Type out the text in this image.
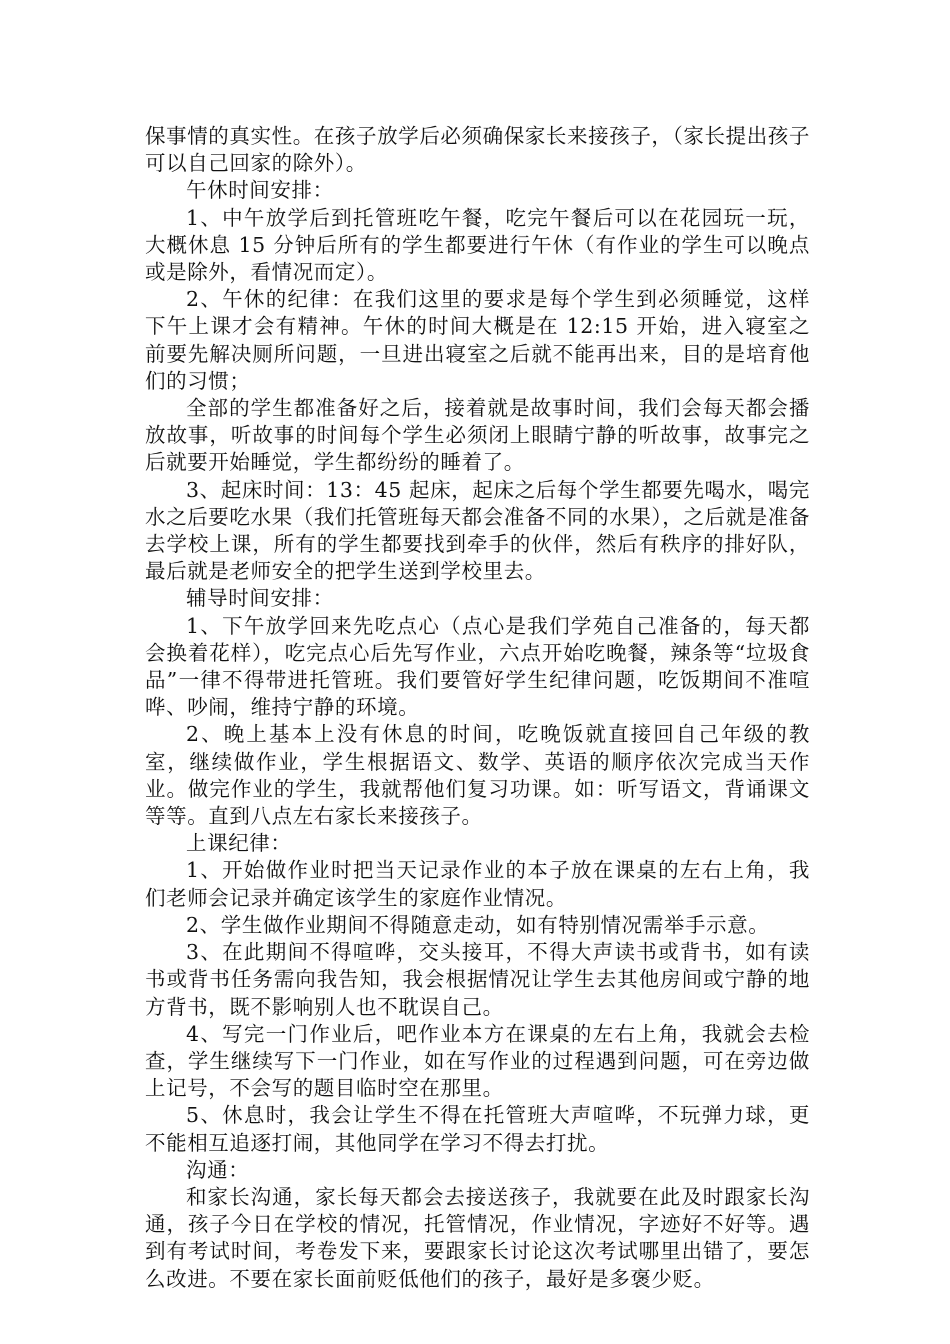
保事情的真实性。在孩子放学后必须确保家长来接孩子，（家长提出孩子可以自己回家的除外）。

午休时间安排：

1、中午放学后到托管班吃午餐，吃完午餐后可以在花园玩一玩，大概休息 15 分钟后所有的学生都要进行午休（有作业的学生可以晚点或是除外，看情况而定）。

2、午休的纪律：在我们这里的要求是每个学生到必须睡觉，这样下午上课才会有精神。午休的时间大概是在 12:15 开始，进入寝室之前要先解决厕所问题，一旦进出寝室之后就不能再出来，目的是培育他们的习惯；

全部的学生都准备好之后，接着就是故事时间，我们会每天都会播放故事，听故事的时间每个学生必须闭上眼睛宁静的听故事，故事完之后就要开始睡觉，学生都纷纷的睡着了。

3、起床时间：13：45 起床，起床之后每个学生都要先喝水，喝完水之后要吃水果（我们托管班每天都会准备不同的水果），之后就是准备去学校上课，所有的学生都要找到牵手的伙伴，然后有秩序的排好队，最后就是老师安全的把学生送到学校里去。

辅导时间安排：

1、下午放学回来先吃点心（点心是我们学苑自己准备的，每天都会换着花样），吃完点心后先写作业，六点开始吃晚餐，辣条等“垃圾食品”一律不得带进托管班。我们要管好学生纪律问题，吃饭期间不准喧哗、吵闹，维持宁静的环境。

2、晚上基本上没有休息的时间，吃晚饭就直接回自己年级的教室，继续做作业，学生根据语文、数学、英语的顺序依次完成当天作业。做完作业的学生，我就帮他们复习功课。如：听写语文，背诵课文等等。直到八点左右家长来接孩子。

上课纪律：

1、开始做作业时把当天记录作业的本子放在课桌的左右上角，我们老师会记录并确定该学生的家庭作业情况。

2、学生做作业期间不得随意走动，如有特别情况需举手示意。

3、在此期间不得喧哗，交头接耳，不得大声读书或背书，如有读书或背书任务需向我告知，我会根据情况让学生去其他房间或宁静的地方背书，既不影响别人也不耽误自己。

4、写完一门作业后，吧作业本方在课桌的左右上角，我就会去检查，学生继续写下一门作业，如在写作业的过程遇到问题，可在旁边做上记号，不会写的题目临时空在那里。

5、休息时，我会让学生不得在托管班大声喧哗，不玩弹力球，更不能相互追逐打闹，其他同学在学习不得去打扰。

沟通：

和家长沟通，家长每天都会去接送孩子，我就要在此及时跟家长沟通，孩子今日在学校的情况，托管情况，作业情况，字迹好不好等。遇到有考试时间，考卷发下来，要跟家长讨论这次考试哪里出错了，要怎么改进。不要在家长面前贬低他们的孩子，最好是多褒少贬。
